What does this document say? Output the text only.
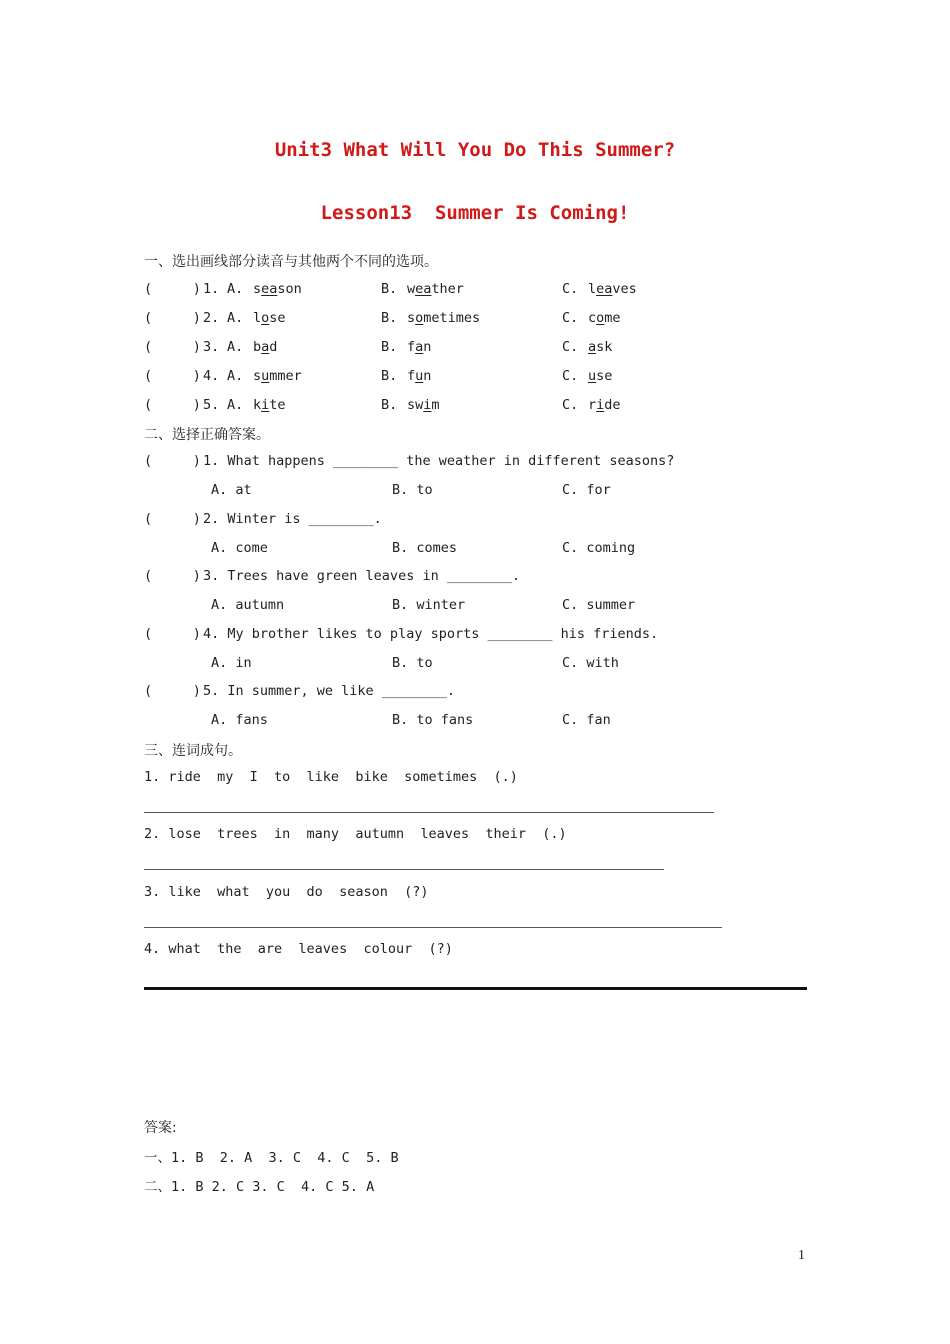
Unit3 What Will You Do This Summer?
Lesson13  Summer Is Coming!
一、选出画线部分读音与其他两个不同的选项。
(     ) 1. A. season	B. weather	C. leaves
(     ) 2. A. lose	B. sometimes	C. come
(     ) 3. A. bad	B. fan	C. ask
(     ) 4. A. summer	B. fun	C. use
(     ) 5. A. kite	B. swim	C. ride
二、选择正确答案。
(     ) 1. What happens ________ the weather in different seasons?
A. at	B. to	C. for
(     ) 2. Winter is ________.
A. come	B. comes	C. coming
(     ) 3. Trees have green leaves in ________.
A. autumn	B. winter	C. summer
(     ) 4. My brother likes to play sports ________ his friends.
A. in	B. to	C. with
(     ) 5. In summer, we like ________.
A. fans	B. to fans	C. fan
三、连词成句。
1. ride  my  I  to  like  bike  sometimes  (.)
2. lose  trees  in  many  autumn  leaves  their  (.)
3. like  what  you  do  season  (?)
4. what  the  are  leaves  colour  (?)
答案:
一、1. B  2. A  3. C  4. C  5. B
二、1. B 2. C 3. C  4. C 5. A
1
